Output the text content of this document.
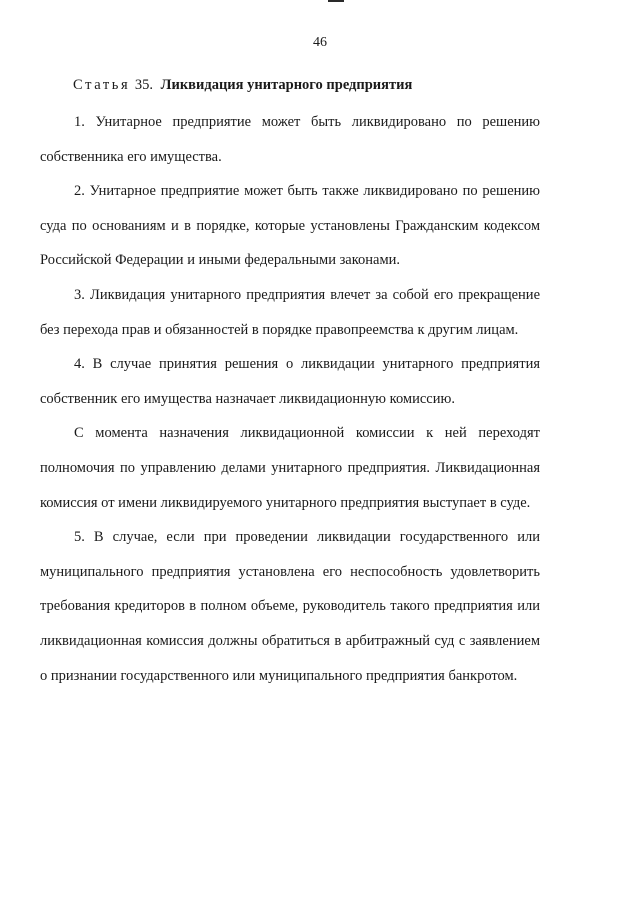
46
Статья 35. Ликвидация унитарного предприятия

1. Унитарное предприятие может быть ликвидировано по решению собственника его имущества.

2. Унитарное предприятие может быть также ликвидировано по решению суда по основаниям и в порядке, которые установлены Гражданским кодексом Российской Федерации и иными федеральными законами.

3. Ликвидация унитарного предприятия влечет за собой его прекращение без перехода прав и обязанностей в порядке правопреемства к другим лицам.

4. В случае принятия решения о ликвидации унитарного предприятия собственник его имущества назначает ликвидационную комиссию.

С момента назначения ликвидационной комиссии к ней переходят полномочия по управлению делами унитарного предприятия. Ликвидационная комиссия от имени ликвидируемого унитарного предприятия выступает в суде.

5. В случае, если при проведении ликвидации государственного или муниципального предприятия установлена его неспособность удовлетворить требования кредиторов в полном объеме, руководитель такого предприятия или ликвидационная комиссия должны обратиться в арбитражный суд с заявлением о признании государственного или муниципального предприятия банкротом.
